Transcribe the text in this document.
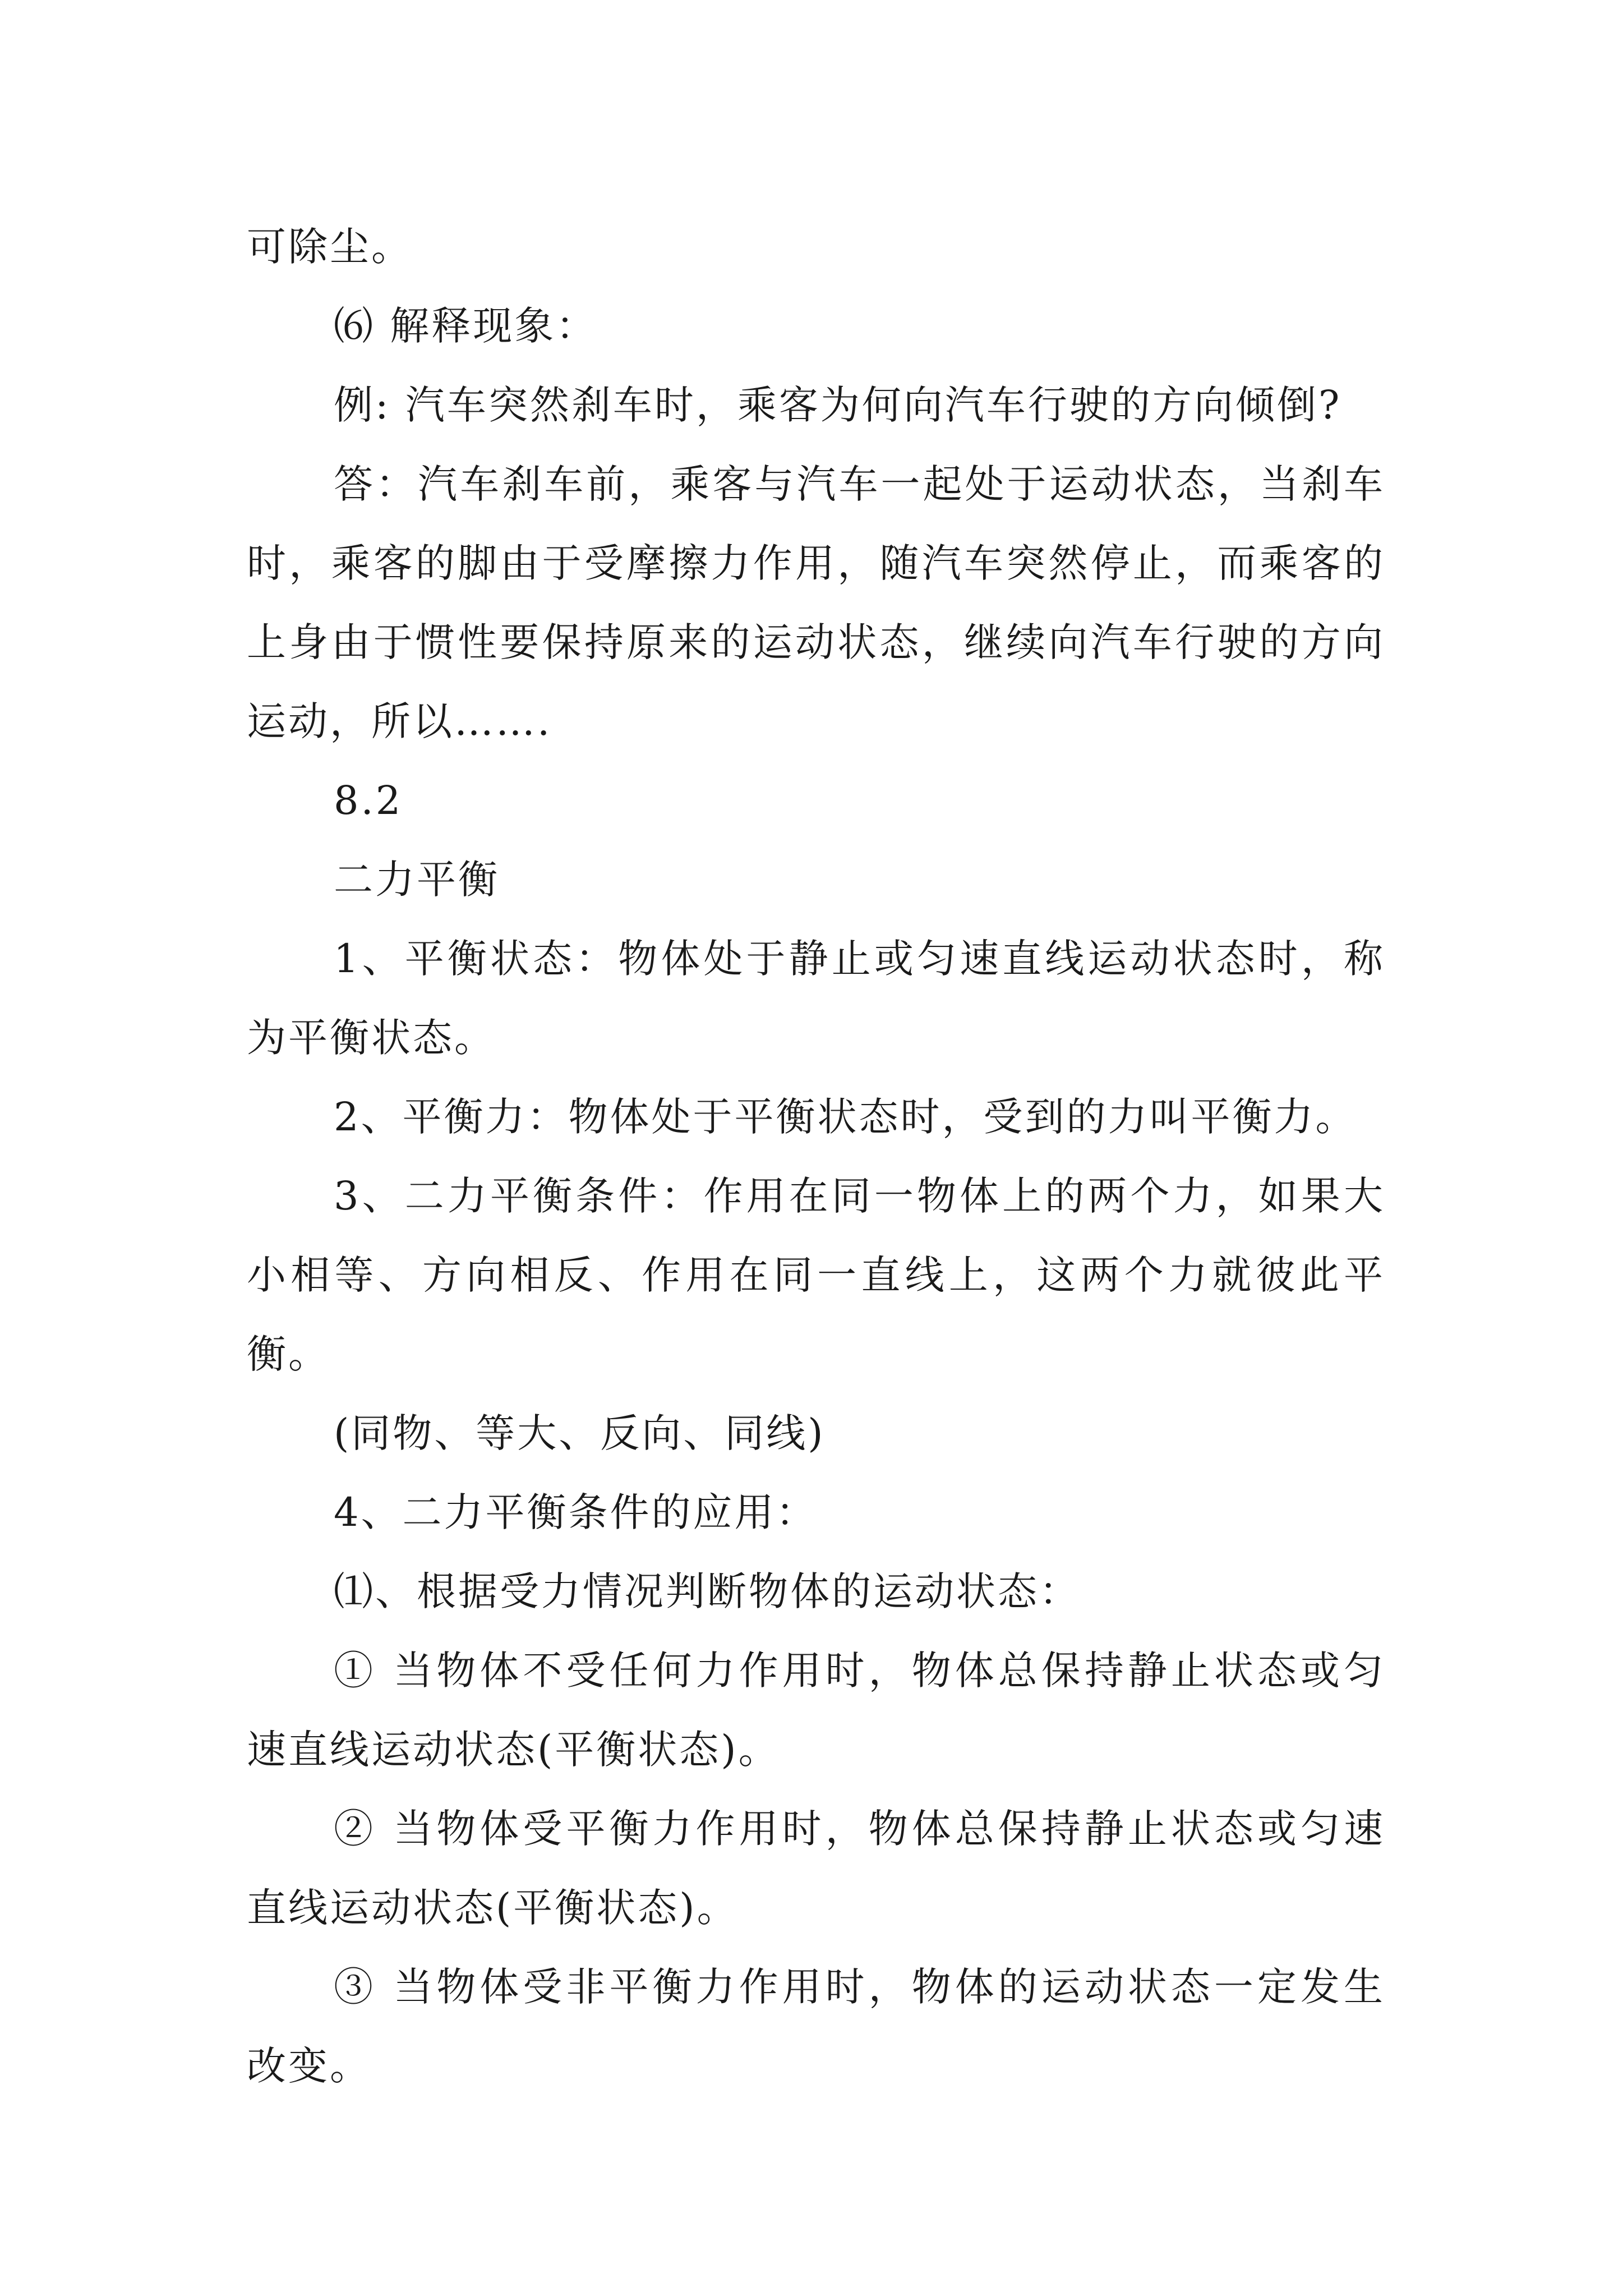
可除尘。

⑹ 解释现象：

例: 汽车突然刹车时，乘客为何向汽车行驶的方向倾倒?

答：汽车刹车前，乘客与汽车一起处于运动状态，当刹车时，乘客的脚由于受摩擦力作用，随汽车突然停止，而乘客的上身由于惯性要保持原来的运动状态，继续向汽车行驶的方向运动，所以…….

8.2

二力平衡

1、平衡状态：物体处于静止或匀速直线运动状态时，称为平衡状态。

2、平衡力：物体处于平衡状态时，受到的力叫平衡力。

3、二力平衡条件：作用在同一物体上的两个力，如果大小相等、方向相反、作用在同一直线上，这两个力就彼此平衡。

(同物、等大、反向、同线)

4、二力平衡条件的应用：

⑴、根据受力情况判断物体的运动状态：

① 当物体不受任何力作用时，物体总保持静止状态或匀速直线运动状态(平衡状态)。

② 当物体受平衡力作用时，物体总保持静止状态或匀速直线运动状态(平衡状态)。

③ 当物体受非平衡力作用时，物体的运动状态一定发生改变。
